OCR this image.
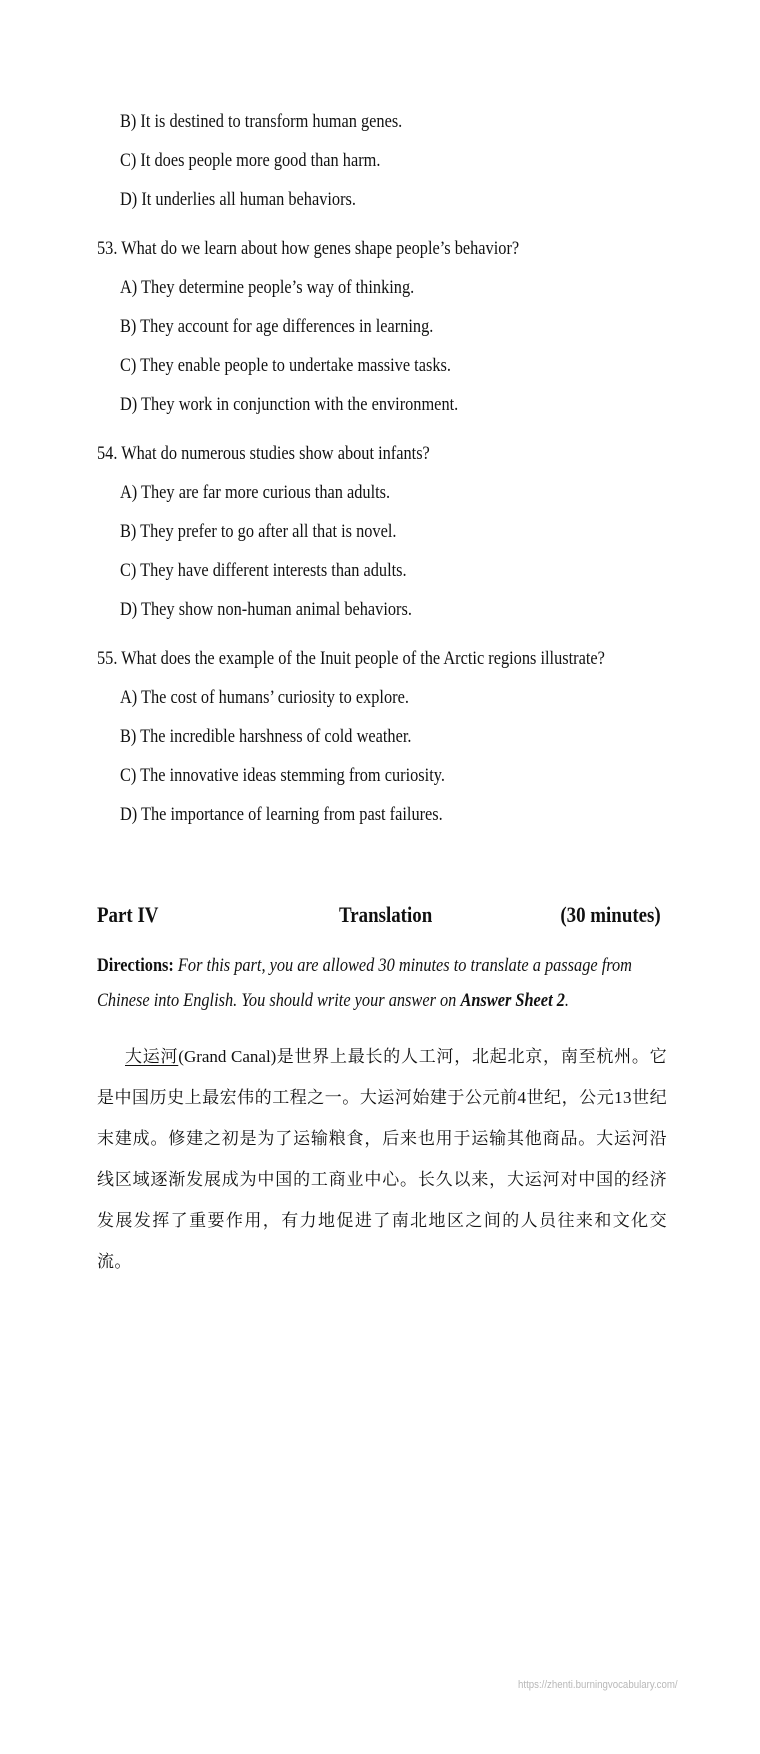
B) It is destined to transform human genes.
C) It does people more good than harm.
D) It underlies all human behaviors.
53. What do we learn about how genes shape people’s behavior?
A) They determine people’s way of thinking.
B) They account for age differences in learning.
C) They enable people to undertake massive tasks.
D) They work in conjunction with the environment.
54. What do numerous studies show about infants?
A) They are far more curious than adults.
B) They prefer to go after all that is novel.
C) They have different interests than adults.
D) They show non-human animal behaviors.
55. What does the example of the Inuit people of the Arctic regions illustrate?
A) The cost of humans’ curiosity to explore.
B) The incredible harshness of cold weather.
C) The innovative ideas stemming from curiosity.
D) The importance of learning from past failures.
Part IV	Translation	(30 minutes)
Directions: For this part, you are allowed 30 minutes to translate a passage from Chinese into English. You should write your answer on Answer Sheet 2.
大运河(Grand Canal)是世界上最长的人工河，北起北京，南至杭州。它是中国历史上最宏伟的工程之一。大运河始建于公元前4世纪，公元13世纪末建成。修建之初是为了运输粮食，后来也用于运输其他商品。大运河沿线区域逐渐发展成为中国的工商业中心。长久以来，大运河对中国的经济发展发挥了重要作用，有力地促进了南北地区之间的人员往来和文化交流。
https://zhenti.burningvocabulary.com/
